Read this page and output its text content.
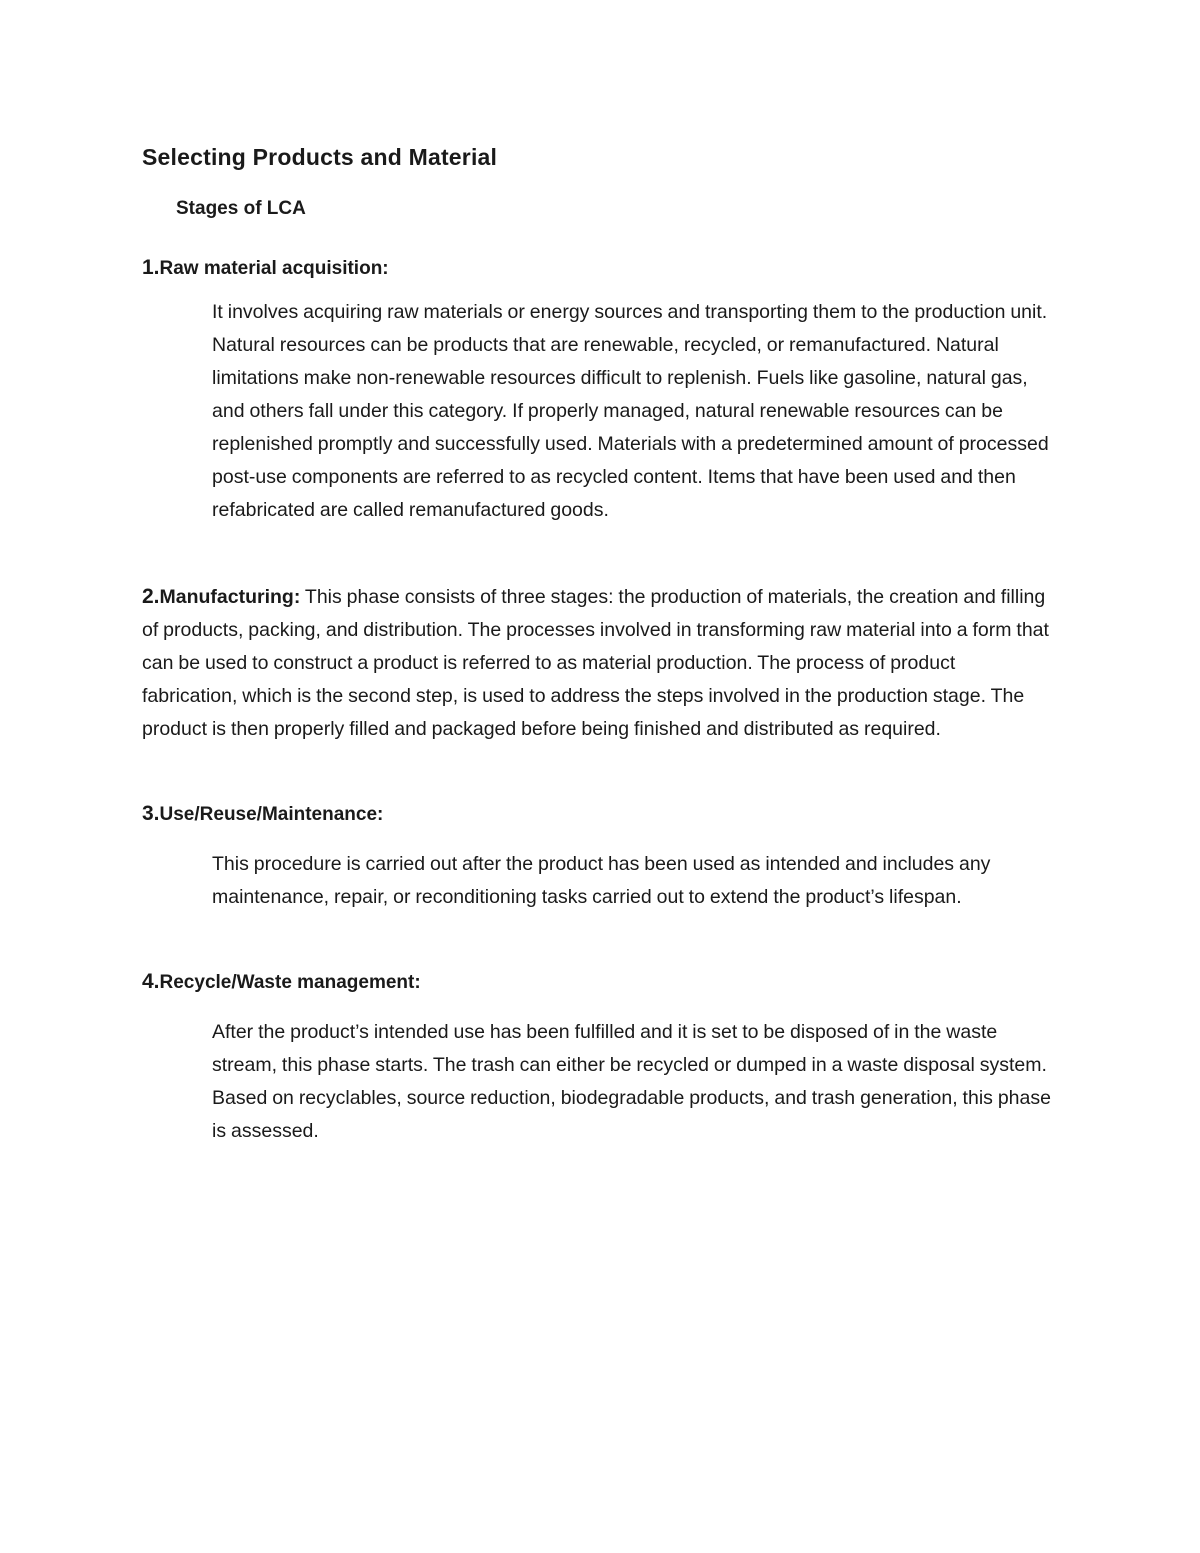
Selecting Products and Material
Stages of LCA
1.Raw material acquisition:

It involves acquiring raw materials or energy sources and transporting them to the production unit. Natural resources can be products that are renewable, recycled, or remanufactured. Natural limitations make non-renewable resources difficult to replenish. Fuels like gasoline, natural gas, and others fall under this category. If properly managed, natural renewable resources can be replenished promptly and successfully used. Materials with a predetermined amount of processed post-use components are referred to as recycled content. Items that have been used and then refabricated are called remanufactured goods.

2.Manufacturing: This phase consists of three stages: the production of materials, the creation and filling of products, packing, and distribution. The processes involved in transforming raw material into a form that can be used to construct a product is referred to as material production. The process of product fabrication, which is the second step, is used to address the steps involved in the production stage. The product is then properly filled and packaged before being finished and distributed as required.

3.Use/Reuse/Maintenance:

This procedure is carried out after the product has been used as intended and includes any maintenance, repair, or reconditioning tasks carried out to extend the product’s lifespan.

4.Recycle/Waste management:

After the product’s intended use has been fulfilled and it is set to be disposed of in the waste stream, this phase starts. The trash can either be recycled or dumped in a waste disposal system. Based on recyclables, source reduction, biodegradable products, and trash generation, this phase is assessed.
